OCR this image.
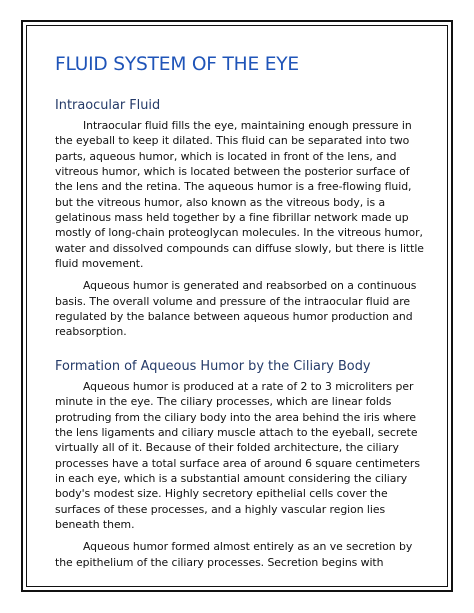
FLUID SYSTEM OF THE EYE
Intraocular Fluid

Intraocular fluid fills the eye, maintaining enough pressure in the eyeball to keep it dilated. This fluid can be separated into two parts, aqueous humor, which is located in front of the lens, and vitreous humor, which is located between the posterior surface of the lens and the retina. The aqueous humor is a free-flowing fluid, but the vitreous humor, also known as the vitreous body, is a gelatinous mass held together by a fine fibrillar network made up mostly of long-chain proteoglycan molecules. In the vitreous humor, water and dissolved compounds can diffuse slowly, but there is little fluid movement.

Aqueous humor is generated and reabsorbed on a continuous basis. The overall volume and pressure of the intraocular fluid are regulated by the balance between aqueous humor production and reabsorption.

Formation of Aqueous Humor by the Ciliary Body

Aqueous humor is produced at a rate of 2 to 3 microliters per minute in the eye. The ciliary processes, which are linear folds protruding from the ciliary body into the area behind the iris where the lens ligaments and ciliary muscle attach to the eyeball, secrete virtually all of it. Because of their folded architecture, the ciliary processes have a total surface area of around 6 square centimeters in each eye, which is a substantial amount considering the ciliary body's modest size. Highly secretory epithelial cells cover the surfaces of these processes, and a highly vascular region lies beneath them.

Aqueous humor formed almost entirely as an ve secretion by the epithelium of the ciliary processes. Secretion begins with
